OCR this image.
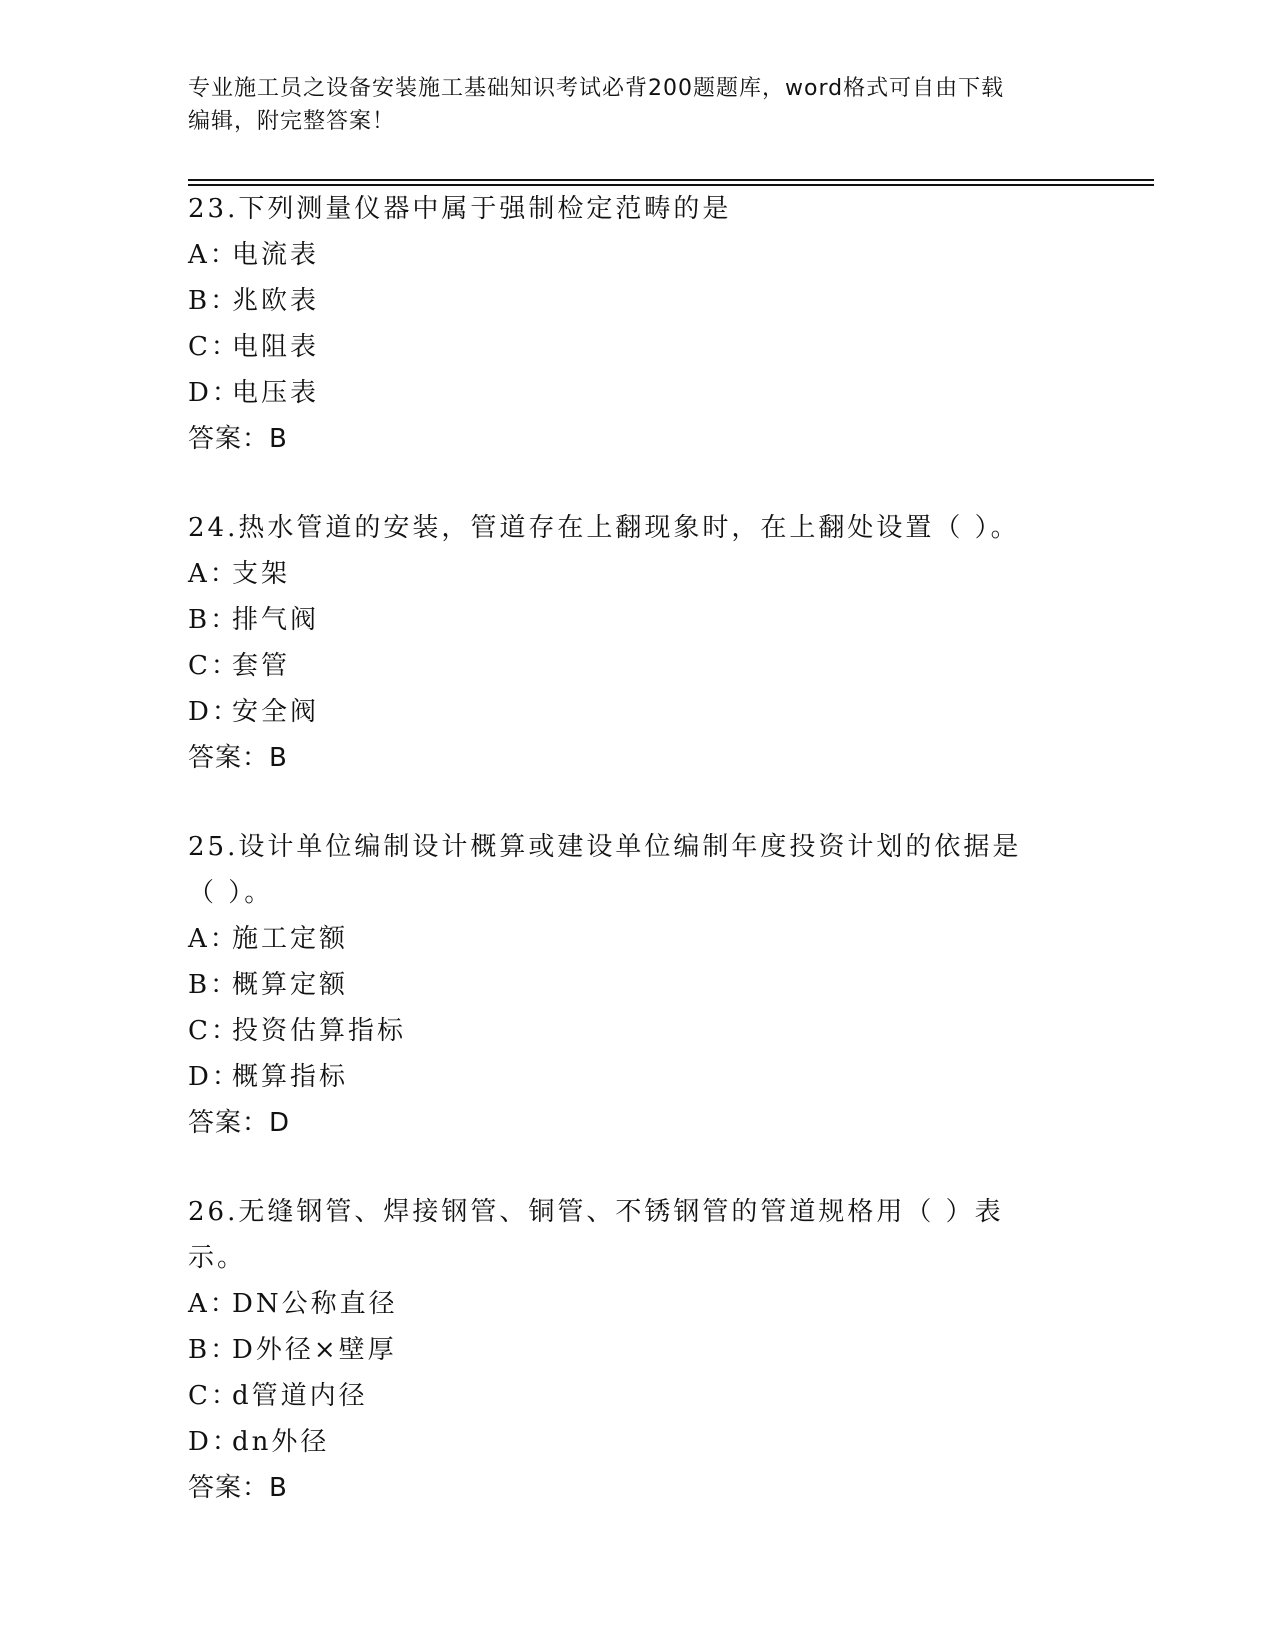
专业施工员之设备安装施工基础知识考试必背200题题库，word格式可自由下载
编辑，附完整答案！
23.下列测量仪器中属于强制检定范畴的是
A：电流表
B：兆欧表
C：电阻表
D：电压表
答案：B
24.热水管道的安装，管道存在上翻现象时，在上翻处设置（ ）。
A：支架
B：排气阀
C：套管
D：安全阀
答案：B
25.设计单位编制设计概算或建设单位编制年度投资计划的依据是（ ）。
A：施工定额
B：概算定额
C：投资估算指标
D：概算指标
答案：D
26.无缝钢管、焊接钢管、铜管、不锈钢管的管道规格用（ ）表示。
A：DN公称直径
B：D外径×壁厚
C：d管道内径
D：dn外径
答案：B
